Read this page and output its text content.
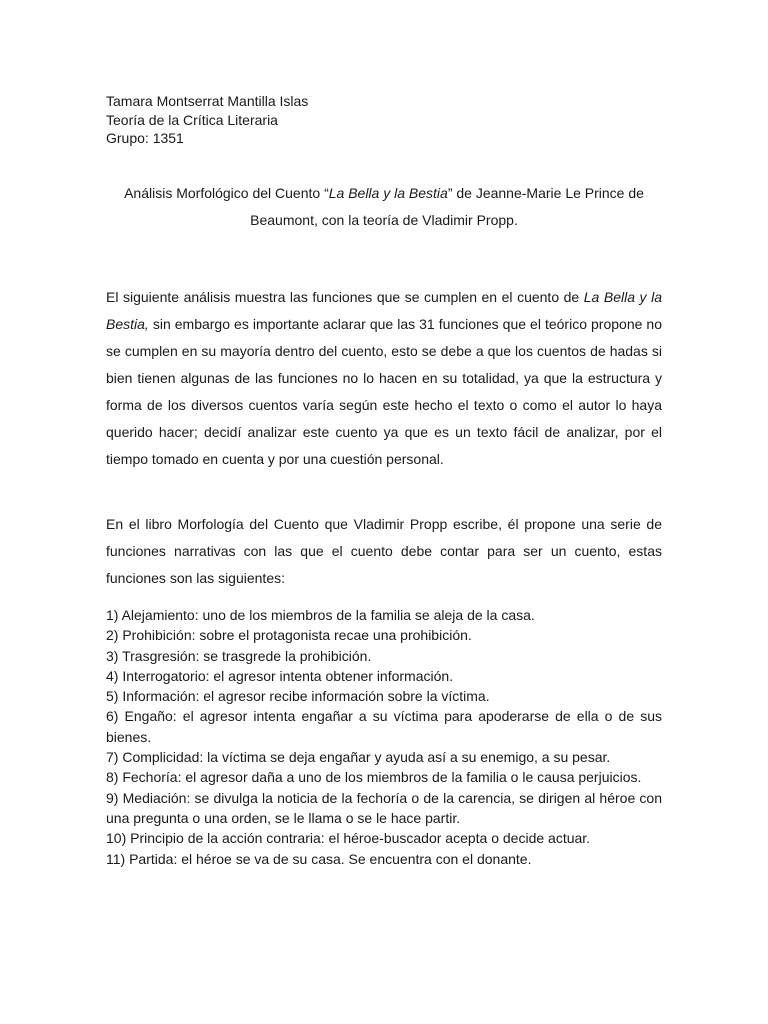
Tamara Montserrat Mantilla Islas
Teoría de la Crítica Literaria
Grupo: 1351
Análisis Morfológico del Cuento “La Bella y la Bestia” de Jeanne-Marie Le Prince de Beaumont, con la teoría de Vladimir Propp.

El siguiente análisis muestra las funciones que se cumplen en el cuento de La Bella y la Bestia, sin embargo es importante aclarar que las 31 funciones que el teórico propone no se cumplen en su mayoría dentro del cuento, esto se debe a que los cuentos de hadas si bien tienen algunas de las funciones no lo hacen en su totalidad, ya que la estructura y forma de los diversos cuentos varía según este hecho el texto o como el autor lo haya querido hacer; decidí analizar este cuento ya que es un texto fácil de analizar, por el tiempo tomado en cuenta y por una cuestión personal.

En el libro Morfología del Cuento que Vladimir Propp escribe, él propone una serie de funciones narrativas con las que el cuento debe contar para ser un cuento, estas funciones son las siguientes:

1) Alejamiento: uno de los miembros de la familia se aleja de la casa.
2) Prohibición: sobre el protagonista recae una prohibición.
3) Trasgresión: se trasgrede la prohibición.
4) Interrogatorio: el agresor intenta obtener información.
5) Información: el agresor recibe información sobre la víctima.
6) Engaño: el agresor intenta engañar a su víctima para apoderarse de ella o de sus bienes.
7) Complicidad: la víctima se deja engañar y ayuda así a su enemigo, a su pesar.
8) Fechoría: el agresor daña a uno de los miembros de la familia o le causa perjuicios.
9) Mediación: se divulga la noticia de la fechoría o de la carencia, se dirigen al héroe con una pregunta o una orden, se le llama o se le hace partir.
10) Principio de la acción contraria: el héroe-buscador acepta o decide actuar.
11) Partida: el héroe se va de su casa. Se encuentra con el donante.
